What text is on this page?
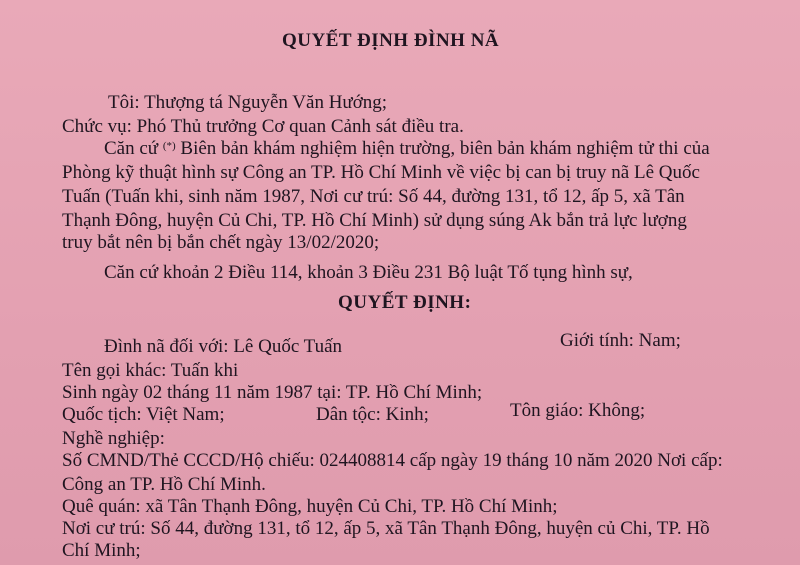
QUYẾT ĐỊNH ĐÌNH NÃ
Tôi: Thượng tá Nguyễn Văn Hướng;
Chức vụ: Phó Thủ trưởng Cơ quan Cảnh sát điều tra.
Căn cứ (*) Biên bản khám nghiệm hiện trường, biên bản khám nghiệm tử thi của
Phòng kỹ thuật hình sự Công an TP. Hồ Chí Minh về việc bị can bị truy nã Lê Quốc
Tuấn (Tuấn khi, sinh năm 1987, Nơi cư trú: Số 44, đường 131, tổ 12, ấp 5, xã Tân
Thạnh Đông, huyện Củ Chi, TP. Hồ Chí Minh) sử dụng súng Ak bắn trả lực lượng
truy bắt nên bị bắn chết ngày 13/02/2020;
Căn cứ khoản 2 Điều 114, khoản 3 Điều 231 Bộ luật Tố tụng hình sự,
QUYẾT ĐỊNH:
Đình nã đối với: Lê Quốc Tuấn	Giới tính: Nam;
Tên gọi khác: Tuấn khi
Sinh ngày 02 tháng 11 năm 1987 tại: TP. Hồ Chí Minh;
Quốc tịch: Việt Nam;	Dân tộc: Kinh;	Tôn giáo: Không;
Nghề nghiệp:
Số CMND/Thẻ CCCD/Hộ chiếu: 024408814 cấp ngày 19 tháng 10 năm 2020 Nơi cấp:
Công an TP. Hồ Chí Minh.
Quê quán: xã Tân Thạnh Đông, huyện Củ Chi, TP. Hồ Chí Minh;
Nơi cư trú: Số 44, đường 131, tổ 12, ấp 5, xã Tân Thạnh Đông, huyện củ Chi, TP. Hồ
Chí Minh;
